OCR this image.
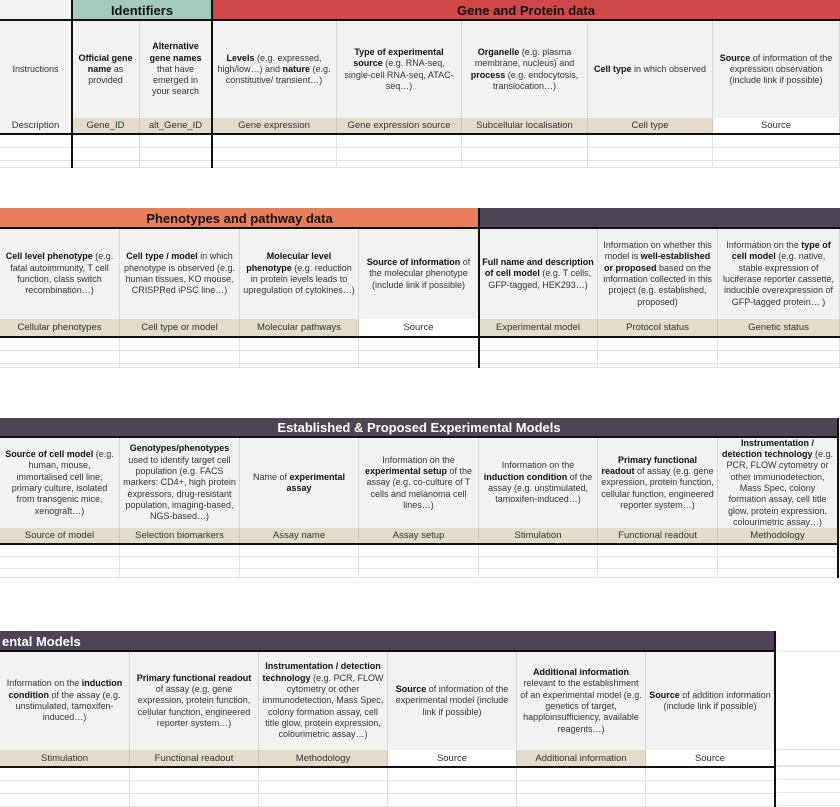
Identifiers	Gene and Protein data
Instructions
Description
Official gene name as provided
Gene_ID
Alternative gene names that have emerged in your search
alt_Gene_ID
Levels (e.g. expressed, high/low…) and nature (e.g. constitutive/ transient…)
Gene expression
Type of experimental source (e.g. RNA-seq, single-cell RNA-seq, ATAC-seq…)
Gene expression source
Organelle (e.g. plasma membrane, nucleus) and process (e.g. endocytosis, translocation…)
Subcellular localisation
Cell type in which observed
Cell type
Source of information of the expression observation (include link if possible)
Source
Phenotypes and pathway data
Cell level phenotype (e.g. fatal autoimmunity, T cell function, class switch recombination…)
Cellular phenotypes
Cell type / model in which phenotype is observed (e.g. human tissues, KO mouse, CRISPRed iPSC line…)
Cell type or model
Molecular level phenotype (e.g. reduction in protein levels leads to upregulation of cytokines…)
Molecular pathways
Source of information of the molecular phenotype (include link if possible)
Source
Full name and description of cell model (e.g. T cells, GFP-tagged, HEK293…)
Experimental model
Information on whether this model is well-established or proposed based on the information collected in this project (e.g. established, proposed)
Protocol status
Information on the type of cell model (e.g. native, stable expression of luciferase reporter cassette, inducible overexpression of GFP-tagged protein… )
Genetic status
Established & Proposed Experimental Models
Source of cell model (e.g. human, mouse, immortalised cell line, primary culture, isolated from transgenic mice, xenograft…)
Source of model
Genotypes/phenotypes used to identify target cell population (e.g. FACS markers: CD4+, high protein expressors, drug-resistant population, imaging-based, NGS-based…)
Selection biomarkers
Name of experimental assay
Assay name
Information on the experimental setup of the assay (e.g. co-culture of T cells and melanoma cell lines…)
Assay setup
Information on the induction condition of the assay (e.g. unstimulated, tamoxifen-induced…)
Stimulation
Primary functional readout of assay (e.g. gene expression, protein function, cellular function, engineered reporter system…)
Functional readout
Instrumentation / detection technology (e.g. PCR, FLOW cytometry or other immunodetection, Mass Spec, colony formation assay, cell title glow, protein expression, colourimetric assay…)
Methodology
ental Models
Information on the induction condition of the assay (e.g. unstimulated, tamoxifen-induced…)
Stimulation
Primary functional readout of assay (e.g. gene expression, protein function, cellular function, engineered reporter system…)
Functional readout
Instrumentation / detection technology (e.g. PCR, FLOW cytometry or other immunodetection, Mass Spec, colony formation assay, cell title glow, protein expression, colourimetric assay…)
Methodology
Source of information of the experimental model (include link if possible)
Source
Additional information relevant to the establishment of an experimental model (e.g. genetics of target, happloinsufficiency, available reagents…)
Additional information
Source of addition information (include link if possible)
Source
